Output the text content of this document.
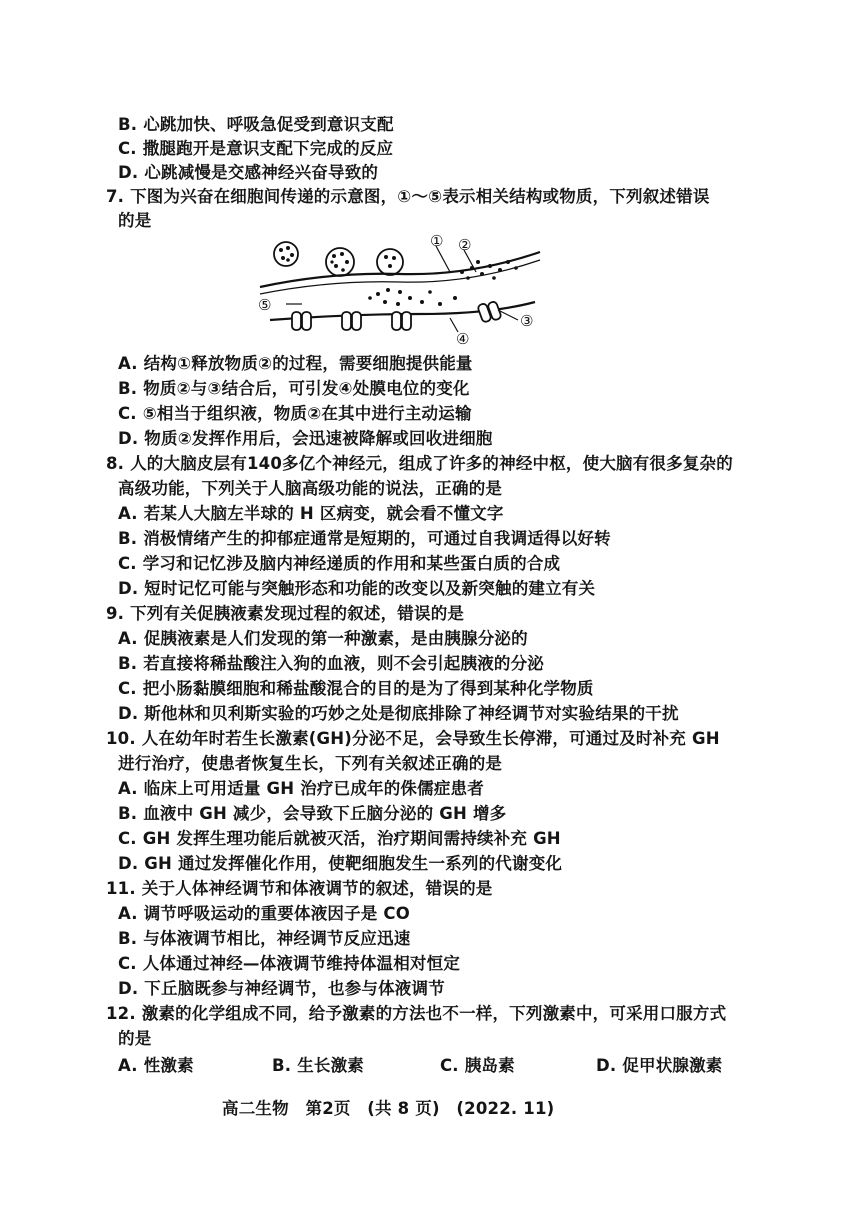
B. 心跳加快、呼吸急促受到意识支配
C. 撒腿跑开是意识支配下完成的反应
D. 心跳减慢是交感神经兴奋导致的
7. 下图为兴奋在细胞间传递的示意图，①～⑤表示相关结构或物质，下列叙述错误
的是
① ②
③
④
⑤
A. 结构①释放物质②的过程，需要细胞提供能量
B. 物质②与③结合后，可引发④处膜电位的变化
C. ⑤相当于组织液，物质②在其中进行主动运输
D. 物质②发挥作用后，会迅速被降解或回收进细胞
8. 人的大脑皮层有140多亿个神经元，组成了许多的神经中枢，使大脑有很多复杂的
高级功能，下列关于人脑高级功能的说法，正确的是
A. 若某人大脑左半球的 H 区病变，就会看不懂文字
B. 消极情绪产生的抑郁症通常是短期的，可通过自我调适得以好转
C. 学习和记忆涉及脑内神经递质的作用和某些蛋白质的合成
D. 短时记忆可能与突触形态和功能的改变以及新突触的建立有关
9. 下列有关促胰液素发现过程的叙述，错误的是
A. 促胰液素是人们发现的第一种激素，是由胰腺分泌的
B. 若直接将稀盐酸注入狗的血液，则不会引起胰液的分泌
C. 把小肠黏膜细胞和稀盐酸混合的目的是为了得到某种化学物质
D. 斯他林和贝利斯实验的巧妙之处是彻底排除了神经调节对实验结果的干扰
10. 人在幼年时若生长激素(GH)分泌不足，会导致生长停滞，可通过及时补充 GH
进行治疗，使患者恢复生长，下列有关叙述正确的是
A. 临床上可用适量 GH 治疗已成年的侏儒症患者
B. 血液中 GH 减少，会导致下丘脑分泌的 GH 增多
C. GH 发挥生理功能后就被灭活，治疗期间需持续补充 GH
D. GH 通过发挥催化作用，使靶细胞发生一系列的代谢变化
11. 关于人体神经调节和体液调节的叙述，错误的是
A. 调节呼吸运动的重要体液因子是 CO
B. 与体液调节相比，神经调节反应迅速
C. 人体通过神经—体液调节维持体温相对恒定
D. 下丘脑既参与神经调节，也参与体液调节
12. 激素的化学组成不同，给予激素的方法也不一样，下列激素中，可采用口服方式
的是
A. 性激素	B. 生长激素	C. 胰岛素	D. 促甲状腺激素
高二生物　第2页　(共 8 页)　(2022. 11)
